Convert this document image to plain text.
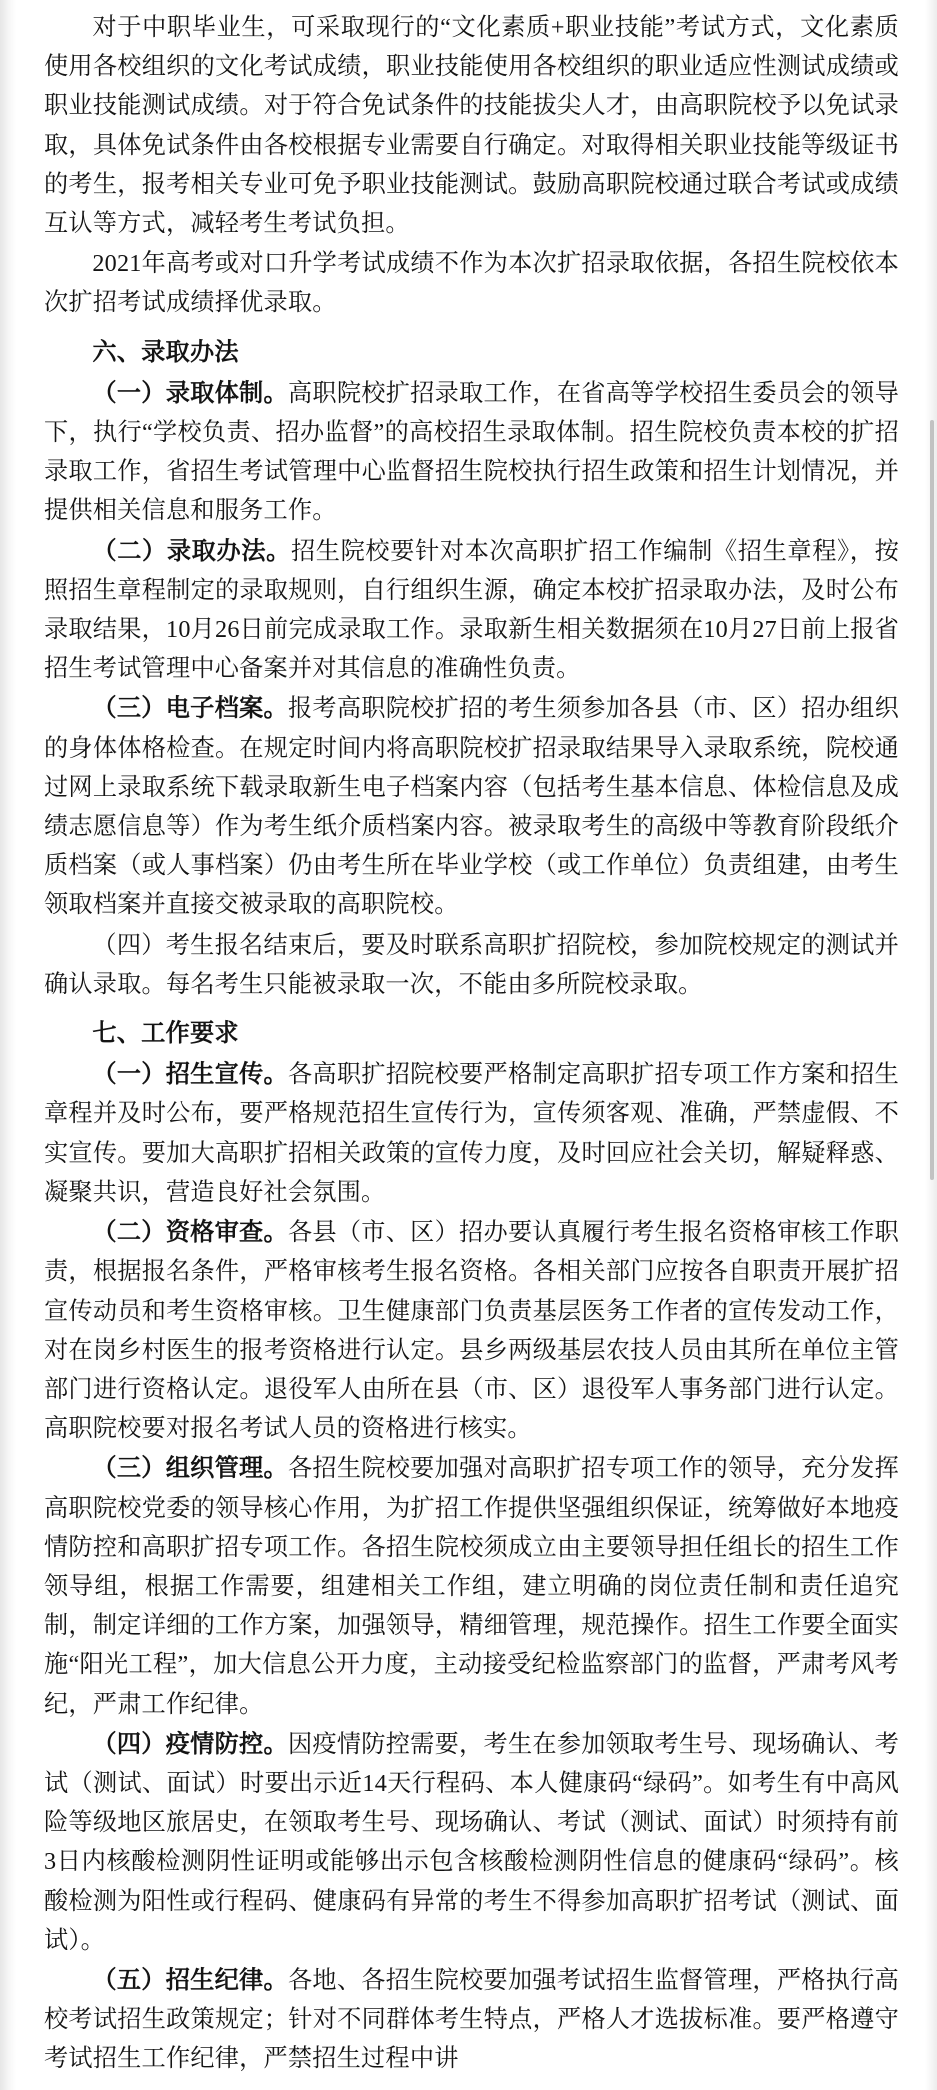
对于中职毕业生，可采取现行的“文化素质+职业技能”考试方式，文化素质使用各校组织的文化考试成绩，职业技能使用各校组织的职业适应性测试成绩或职业技能测试成绩。对于符合免试条件的技能拔尖人才，由高职院校予以免试录取，具体免试条件由各校根据专业需要自行确定。对取得相关职业技能等级证书的考生，报考相关专业可免予职业技能测试。鼓励高职院校通过联合考试或成绩互认等方式，减轻考生考试负担。

2021年高考或对口升学考试成绩不作为本次扩招录取依据，各招生院校依本次扩招考试成绩择优录取。

六、录取办法

（一）录取体制。高职院校扩招录取工作，在省高等学校招生委员会的领导下，执行“学校负责、招办监督”的高校招生录取体制。招生院校负责本校的扩招录取工作，省招生考试管理中心监督招生院校执行招生政策和招生计划情况，并提供相关信息和服务工作。

（二）录取办法。招生院校要针对本次高职扩招工作编制《招生章程》，按照招生章程制定的录取规则，自行组织生源，确定本校扩招录取办法，及时公布录取结果，10月26日前完成录取工作。录取新生相关数据须在10月27日前上报省招生考试管理中心备案并对其信息的准确性负责。

（三）电子档案。报考高职院校扩招的考生须参加各县（市、区）招办组织的身体体格检查。在规定时间内将高职院校扩招录取结果导入录取系统，院校通过网上录取系统下载录取新生电子档案内容（包括考生基本信息、体检信息及成绩志愿信息等）作为考生纸介质档案内容。被录取考生的高级中等教育阶段纸介质档案（或人事档案）仍由考生所在毕业学校（或工作单位）负责组建，由考生领取档案并直接交被录取的高职院校。

（四）考生报名结束后，要及时联系高职扩招院校，参加院校规定的测试并确认录取。每名考生只能被录取一次，不能由多所院校录取。

七、工作要求

（一）招生宣传。各高职扩招院校要严格制定高职扩招专项工作方案和招生章程并及时公布，要严格规范招生宣传行为，宣传须客观、准确，严禁虚假、不实宣传。要加大高职扩招相关政策的宣传力度，及时回应社会关切，解疑释惑、凝聚共识，营造良好社会氛围。

（二）资格审查。各县（市、区）招办要认真履行考生报名资格审核工作职责，根据报名条件，严格审核考生报名资格。各相关部门应按各自职责开展扩招宣传动员和考生资格审核。卫生健康部门负责基层医务工作者的宣传发动工作，对在岗乡村医生的报考资格进行认定。县乡两级基层农技人员由其所在单位主管部门进行资格认定。退役军人由所在县（市、区）退役军人事务部门进行认定。高职院校要对报名考试人员的资格进行核实。

（三）组织管理。各招生院校要加强对高职扩招专项工作的领导，充分发挥高职院校党委的领导核心作用，为扩招工作提供坚强组织保证，统筹做好本地疫情防控和高职扩招专项工作。各招生院校须成立由主要领导担任组长的招生工作领导组，根据工作需要，组建相关工作组，建立明确的岗位责任制和责任追究制，制定详细的工作方案，加强领导，精细管理，规范操作。招生工作要全面实施“阳光工程”，加大信息公开力度，主动接受纪检监察部门的监督，严肃考风考纪，严肃工作纪律。

（四）疫情防控。因疫情防控需要，考生在参加领取考生号、现场确认、考试（测试、面试）时要出示近14天行程码、本人健康码“绿码”。如考生有中高风险等级地区旅居史，在领取考生号、现场确认、考试（测试、面试）时须持有前3日内核酸检测阴性证明或能够出示包含核酸检测阴性信息的健康码“绿码”。核酸检测为阳性或行程码、健康码有异常的考生不得参加高职扩招考试（测试、面试）。

（五）招生纪律。各地、各招生院校要加强考试招生监督管理，严格执行高校考试招生政策规定；针对不同群体考生特点，严格人才选拔标准。要严格遵守考试招生工作纪律，严禁招生过程中讲
